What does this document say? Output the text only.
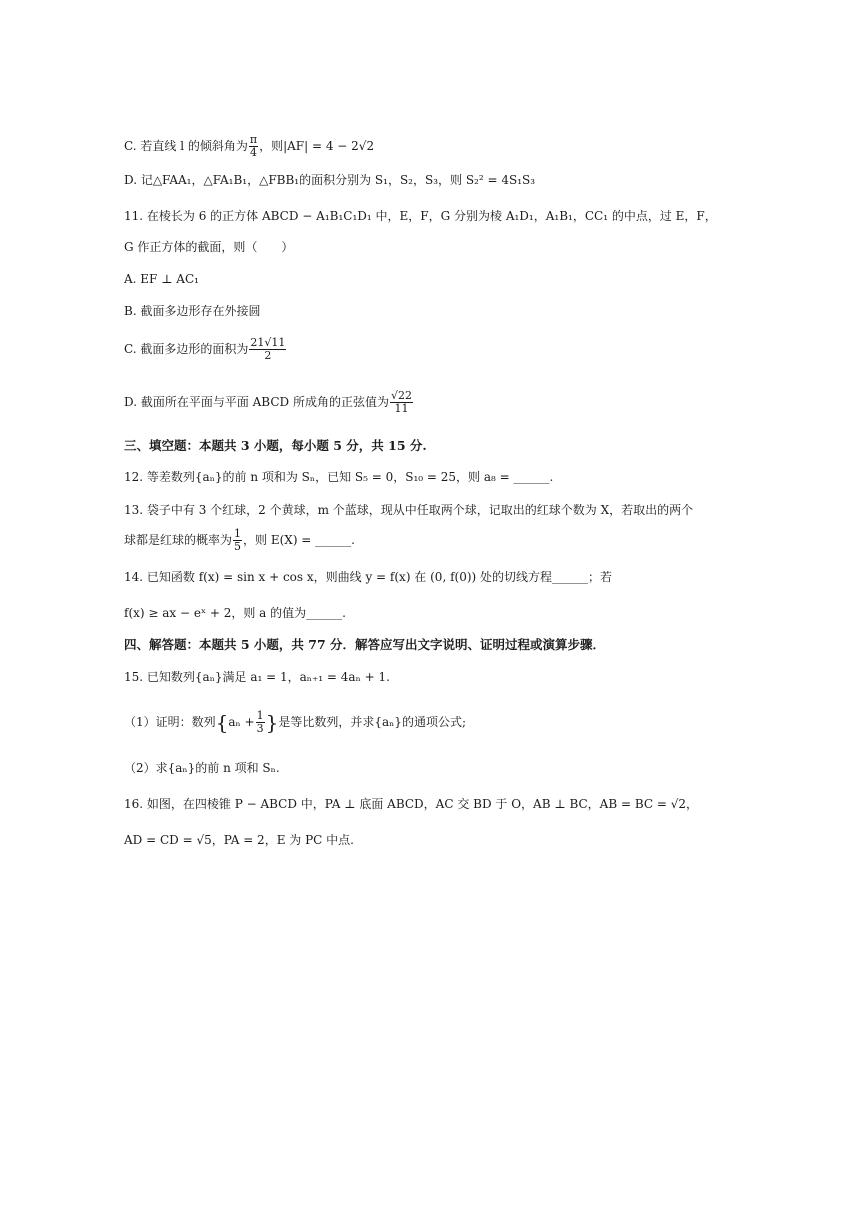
C. 若直线 l 的倾斜角为 $\frac{\pi}{4}$ ，则|AF| = 4 − 2√2
D. 记△FAA₁，△FA₁B₁，△FBB₁的面积分别为 S₁，S₂，S₃，则 S₂² = 4S₁S₃
11. 在棱长为 6 的正方体 ABCD − A₁B₁C₁D₁ 中，E，F，G 分别为棱 A₁D₁，A₁B₁，CC₁ 的中点，过 E，F，
G 作正方体的截面，则（　　）
A. EF ⊥ AC₁
B. 截面多边形存在外接圆
C. 截面多边形的面积为 $\frac{21√11}{2}$
D. 截面所在平面与平面 ABCD 所成角的正弦值为 $\frac{√22}{11}$
三、填空题：本题共 3 小题，每小题 5 分，共 15 分.
12. 等差数列{aₙ}的前 n 项和为 Sₙ，已知 S₅ = 0，S₁₀ = 25，则 a₈ = ______.
13. 袋子中有 3 个红球，2 个黄球，m 个蓝球，现从中任取两个球，记取出的红球个数为 X，若取出的两个
球都是红球的概率为 $\frac{1}{5}$ ，则 E(X) = ______.
14. 已知函数 f(x) = sin x + cos x，则曲线 y = f(x) 在 (0, f(0)) 处的切线方程______；若
f(x) ≥ ax − eˣ + 2，则 a 的值为______.
四、解答题：本题共 5 小题，共 77 分．解答应写出文字说明、证明过程或演算步骤．
15. 已知数列{aₙ}满足 a₁ = 1，aₙ₊₁ = 4aₙ + 1.
（1）证明：数列{$a_n + \frac{1}{3}$ }是等比数列，并求{aₙ}的通项公式;
（2）求{aₙ}的前 n 项和 Sₙ.
16. 如图，在四棱锥 P − ABCD 中，PA ⊥ 底面 ABCD，AC 交 BD 于 O，AB ⊥ BC，AB = BC = √2，
AD = CD = √5，PA = 2，E 为 PC 中点.
